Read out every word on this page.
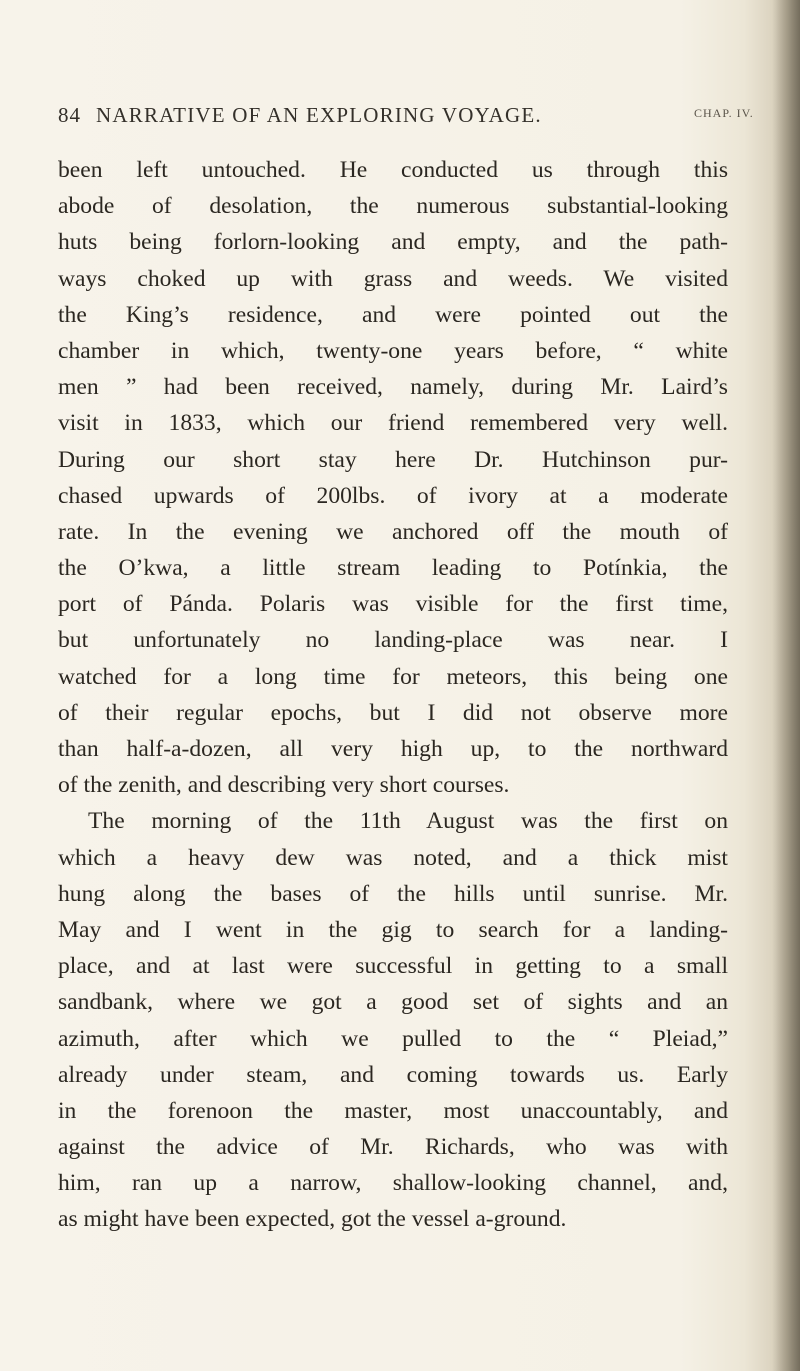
84 NARRATIVE OF AN EXPLORING VOYAGE.	CHAP. IV.
been left untouched. He conducted us through this
abode of desolation, the numerous substantial-looking
huts being forlorn-looking and empty, and the path-
ways choked up with grass and weeds. We visited
the King’s residence, and were pointed out the
chamber in which, twenty-one years before, “ white
men ” had been received, namely, during Mr. Laird’s
visit in 1833, which our friend remembered very well.
During our short stay here Dr. Hutchinson pur-
chased upwards of 200lbs. of ivory at a moderate
rate. In the evening we anchored off the mouth of
the O’kwa, a little stream leading to Potínkia, the
port of Pánda. Polaris was visible for the first time,
but unfortunately no landing-place was near. I
watched for a long time for meteors, this being one
of their regular epochs, but I did not observe more
than half-a-dozen, all very high up, to the northward
of the zenith, and describing very short courses.
The morning of the 11th August was the first on
which a heavy dew was noted, and a thick mist
hung along the bases of the hills until sunrise. Mr.
May and I went in the gig to search for a landing-
place, and at last were successful in getting to a small
sandbank, where we got a good set of sights and an
azimuth, after which we pulled to the “ Pleiad,”
already under steam, and coming towards us. Early
in the forenoon the master, most unaccountably, and
against the advice of Mr. Richards, who was with
him, ran up a narrow, shallow-looking channel, and,
as might have been expected, got the vessel a-ground.
